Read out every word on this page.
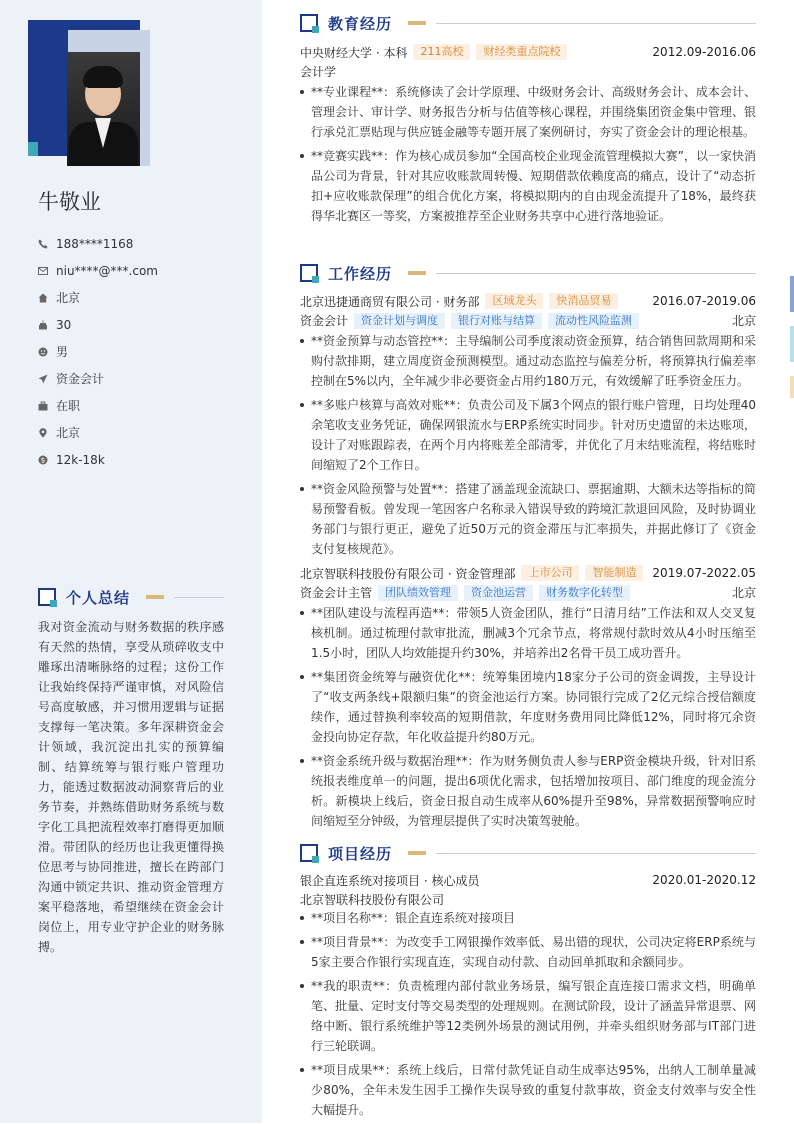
牛敬业
188****1168
niu****@***.com
北京
30
男
资金会计
在职
北京
$ 12k-18k
个人总结
我对资金流动与财务数据的秩序感有天然的热情，享受从琐碎收支中雕琢出清晰脉络的过程；这份工作让我始终保持严谨审慎，对风险信号高度敏感，并习惯用逻辑与证据支撑每一笔决策。多年深耕资金会计领域，我沉淀出扎实的预算编制、结算统筹与银行账户管理功力，能透过数据波动洞察背后的业务节奏，并熟练借助财务系统与数字化工具把流程效率打磨得更加顺滑。带团队的经历也让我更懂得换位思考与协同推进，擅长在跨部门沟通中锁定共识、推动资金管理方案平稳落地，希望继续在资金会计岗位上，用专业守护企业的财务脉搏。
教育经历
中央财经大学 · 本科	211高校	财经类重点院校	2012.09-2016.06
会计学
**专业课程**：系统修读了会计学原理、中级财务会计、高级财务会计、成本会计、管理会计、审计学、财务报告分析与估值等核心课程，并围绕集团资金集中管理、银行承兑汇票贴现与供应链金融等专题开展了案例研讨，夯实了资金会计的理论根基。
**竞赛实践**：作为核心成员参加“全国高校企业现金流管理模拟大赛”，以一家快消品公司为背景，针对其应收账款周转慢、短期借款依赖度高的痛点，设计了“动态折扣+应收账款保理”的组合优化方案，将模拟期内的自由现金流提升了18%，最终获得华北赛区一等奖，方案被推荐至企业财务共享中心进行落地验证。
工作经历
北京迅捷通商贸有限公司 · 财务部	区域龙头	快消品贸易	2016.07-2019.06
资金会计	资金计划与调度	银行对账与结算	流动性风险监测	北京
**资金预算与动态管控**：主导编制公司季度滚动资金预算，结合销售回款周期和采购付款排期，建立周度资金预测模型。通过动态监控与偏差分析，将预算执行偏差率控制在5%以内，全年减少非必要资金占用约180万元，有效缓解了旺季资金压力。
**多账户核算与高效对账**：负责公司及下属3个网点的银行账户管理，日均处理40余笔收支业务凭证，确保网银流水与ERP系统实时同步。针对历史遗留的未达账项，设计了对账跟踪表，在两个月内将账差全部清零，并优化了月末结账流程，将结账时间缩短了2个工作日。
**资金风险预警与处置**：搭建了涵盖现金流缺口、票据逾期、大额未达等指标的简易预警看板。曾发现一笔因客户名称录入错误导致的跨境汇款退回风险，及时协调业务部门与银行更正，避免了近50万元的资金滞压与汇率损失，并据此修订了《资金支付复核规范》。
北京智联科技股份有限公司 · 资金管理部	上市公司	智能制造	2019.07-2022.05
资金会计主管	团队绩效管理	资金池运营	财务数字化转型	北京
**团队建设与流程再造**：带领5人资金团队，推行“日清月结”工作法和双人交叉复核机制。通过梳理付款审批流，删减3个冗余节点，将常规付款时效从4小时压缩至1.5小时，团队人均效能提升约30%，并培养出2名骨干员工成功晋升。
**集团资金统筹与融资优化**：统筹集团境内18家分子公司的资金调拨，主导设计了“收支两条线+限额归集”的资金池运行方案。协同银行完成了2亿元综合授信额度续作，通过替换利率较高的短期借款，年度财务费用同比降低12%，同时将冗余资金投向协定存款，年化收益提升约80万元。
**资金系统升级与数据治理**：作为财务侧负责人参与ERP资金模块升级，针对旧系统报表维度单一的问题，提出6项优化需求，包括增加按项目、部门维度的现金流分析。新模块上线后，资金日报自动生成率从60%提升至98%，异常数据预警响应时间缩短至分钟级，为管理层提供了实时决策驾驶舱。
项目经历
银企直连系统对接项目 · 核心成员	2020.01-2020.12
北京智联科技股份有限公司
**项目名称**：银企直连系统对接项目
**项目背景**：为改变手工网银操作效率低、易出错的现状，公司决定将ERP系统与5家主要合作银行实现直连，实现自动付款、自动回单抓取和余额同步。
**我的职责**：负责梳理内部付款业务场景，编写银企直连接口需求文档，明确单笔、批量、定时支付等交易类型的处理规则。在测试阶段，设计了涵盖异常退票、网络中断、银行系统维护等12类例外场景的测试用例，并牵头组织财务部与IT部门进行三轮联调。
**项目成果**：系统上线后，日常付款凭证自动生成率达95%，出纳人工制单量减少80%，全年未发生因手工操作失误导致的重复付款事故，资金支付效率与安全性大幅提升。
